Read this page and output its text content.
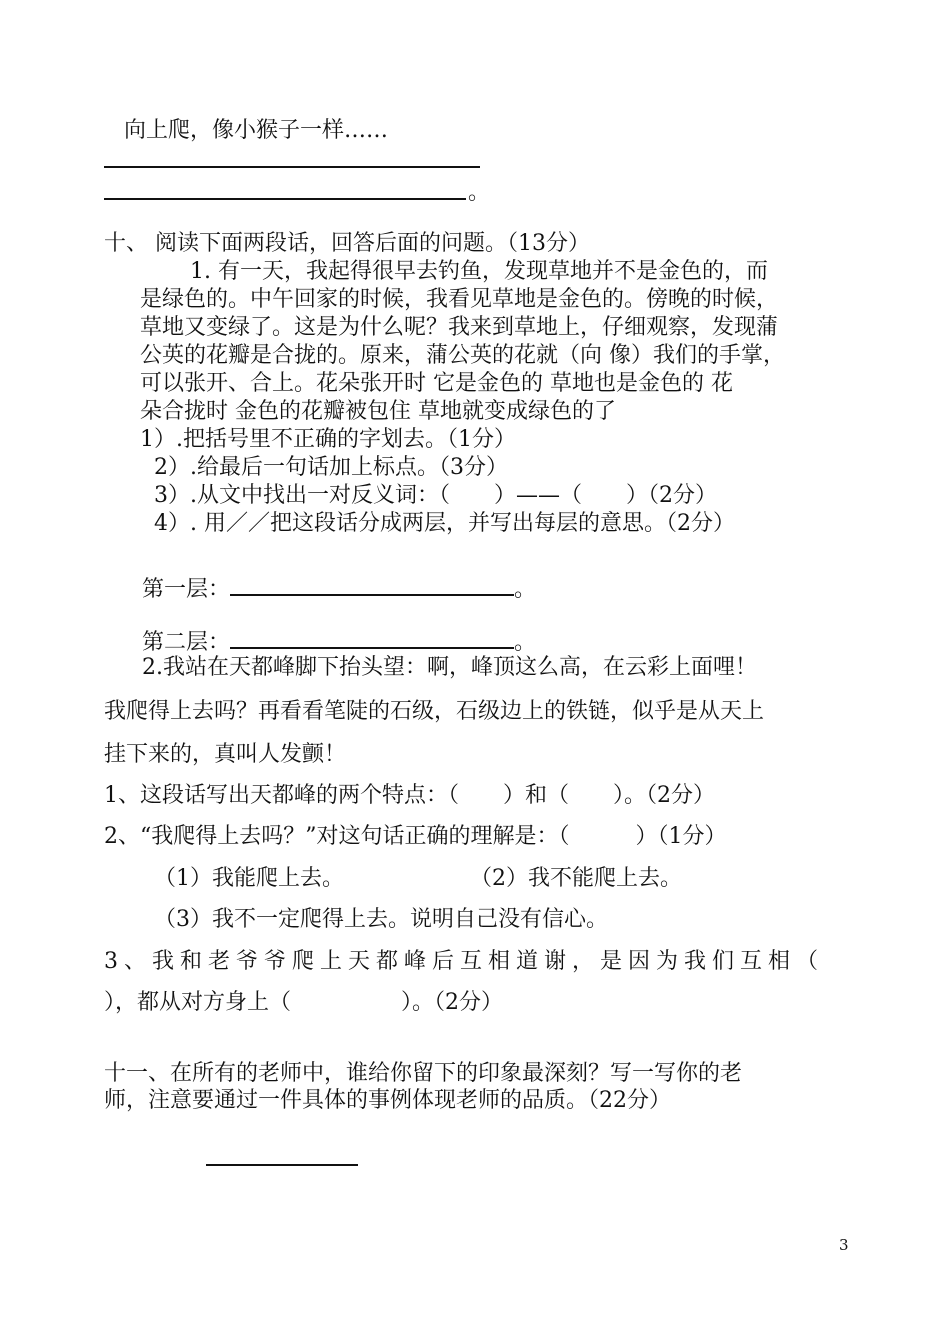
向上爬，像小猴子一样……
。
十、 阅读下面两段话，回答后面的问题。（13分）
1. 有一天，我起得很早去钓鱼，发现草地并不是金色的，而
是绿色的。中午回家的时候，我看见草地是金色的。傍晚的时候，
草地又变绿了。这是为什么呢？我来到草地上，仔细观察，发现蒲
公英的花瓣是合拢的。原来，蒲公英的花就（向 像）我们的手掌，
可以张开、合上。花朵张开时 它是金色的 草地也是金色的 花
朵合拢时 金色的花瓣被包住 草地就变成绿色的了
1）.把括号里不正确的字划去。（1分）
2）.给最后一句话加上标点。（3分）
3）.从文中找出一对反义词：（　　）——（　　）（2分）
4）. 用／／把这段话分成两层，并写出每层的意思。（2分）
第一层：	。
第二层：	。
2.我站在天都峰脚下抬头望：啊，峰顶这么高，在云彩上面哩！
我爬得上去吗？再看看笔陡的石级，石级边上的铁链，似乎是从天上
挂下来的，真叫人发颤！
1、这段话写出天都峰的两个特点：（　　）和（　　）。（2分）
2、“我爬得上去吗？”对这句话正确的理解是：（　　　）（1分）
（1）我能爬上去。	（2）我不能爬上去。
（3）我不一定爬得上去。说明自己没有信心。
3、我和老爷爷爬上天都峰后互相道谢，是因为我们互相（
），都从对方身上（　　　　　）。（2分）
十一、在所有的老师中，谁给你留下的印象最深刻？写一写你的老
师，注意要通过一件具体的事例体现老师的品质。（22分）
3
